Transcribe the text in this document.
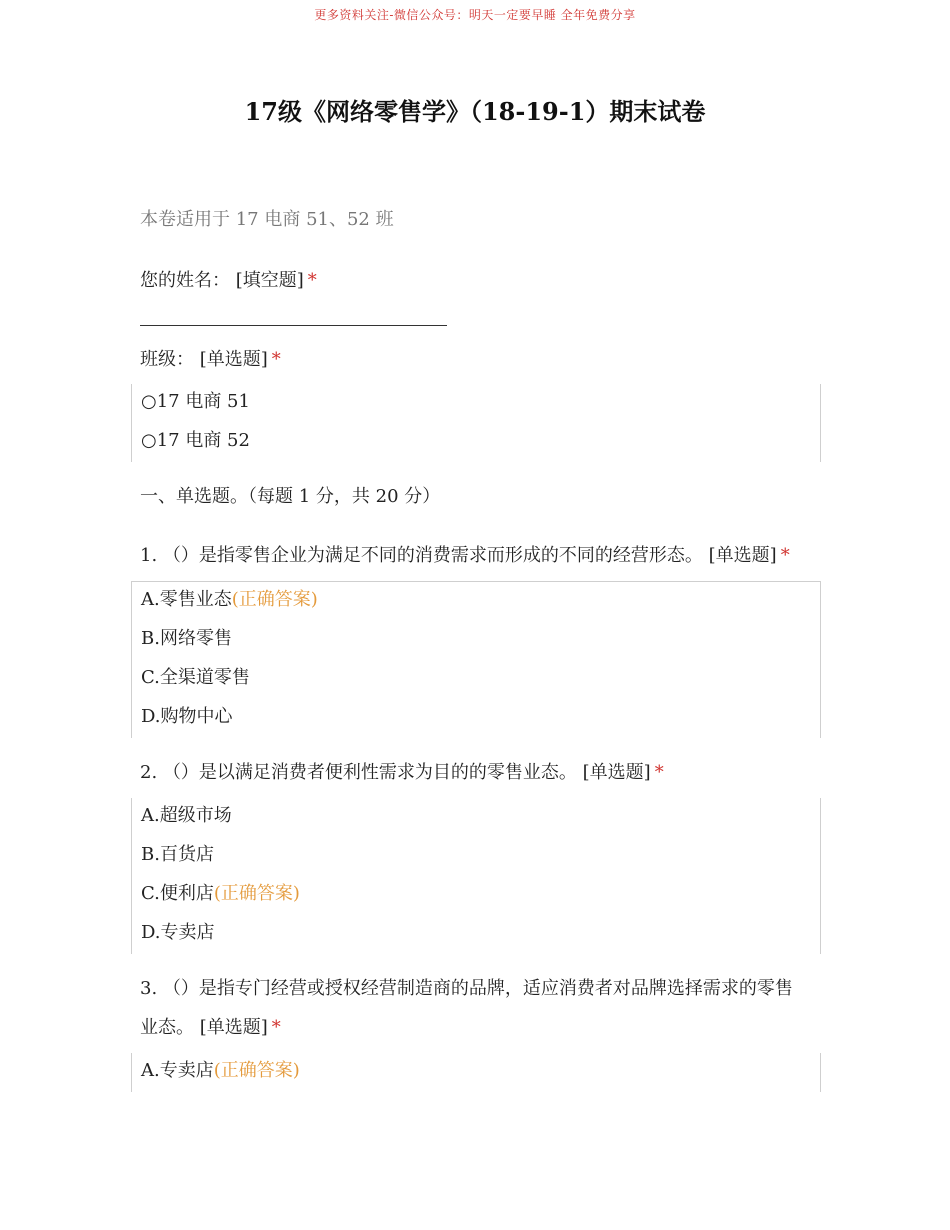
更多资料关注-微信公众号：明天一定要早睡 全年免费分享
17级《网络零售学》（18-19-1）期末试卷
本卷适用于 17 电商 51、52 班
您的姓名： [填空题] *
班级： [单选题] *
○17 电商 51
○17 电商 52
一、单选题。（每题 1 分，共 20 分）
1. （）是指零售企业为满足不同的消费需求而形成的不同的经营形态。 [单选题] *
A.零售业态(正确答案)
B.网络零售
C.全渠道零售
D.购物中心
2. （）是以满足消费者便利性需求为目的的零售业态。 [单选题] *
A.超级市场
B.百货店
C.便利店(正确答案)
D.专卖店
3. （）是指专门经营或授权经营制造商的品牌，适应消费者对品牌选择需求的零售
业态。 [单选题] *
A.专卖店(正确答案)
